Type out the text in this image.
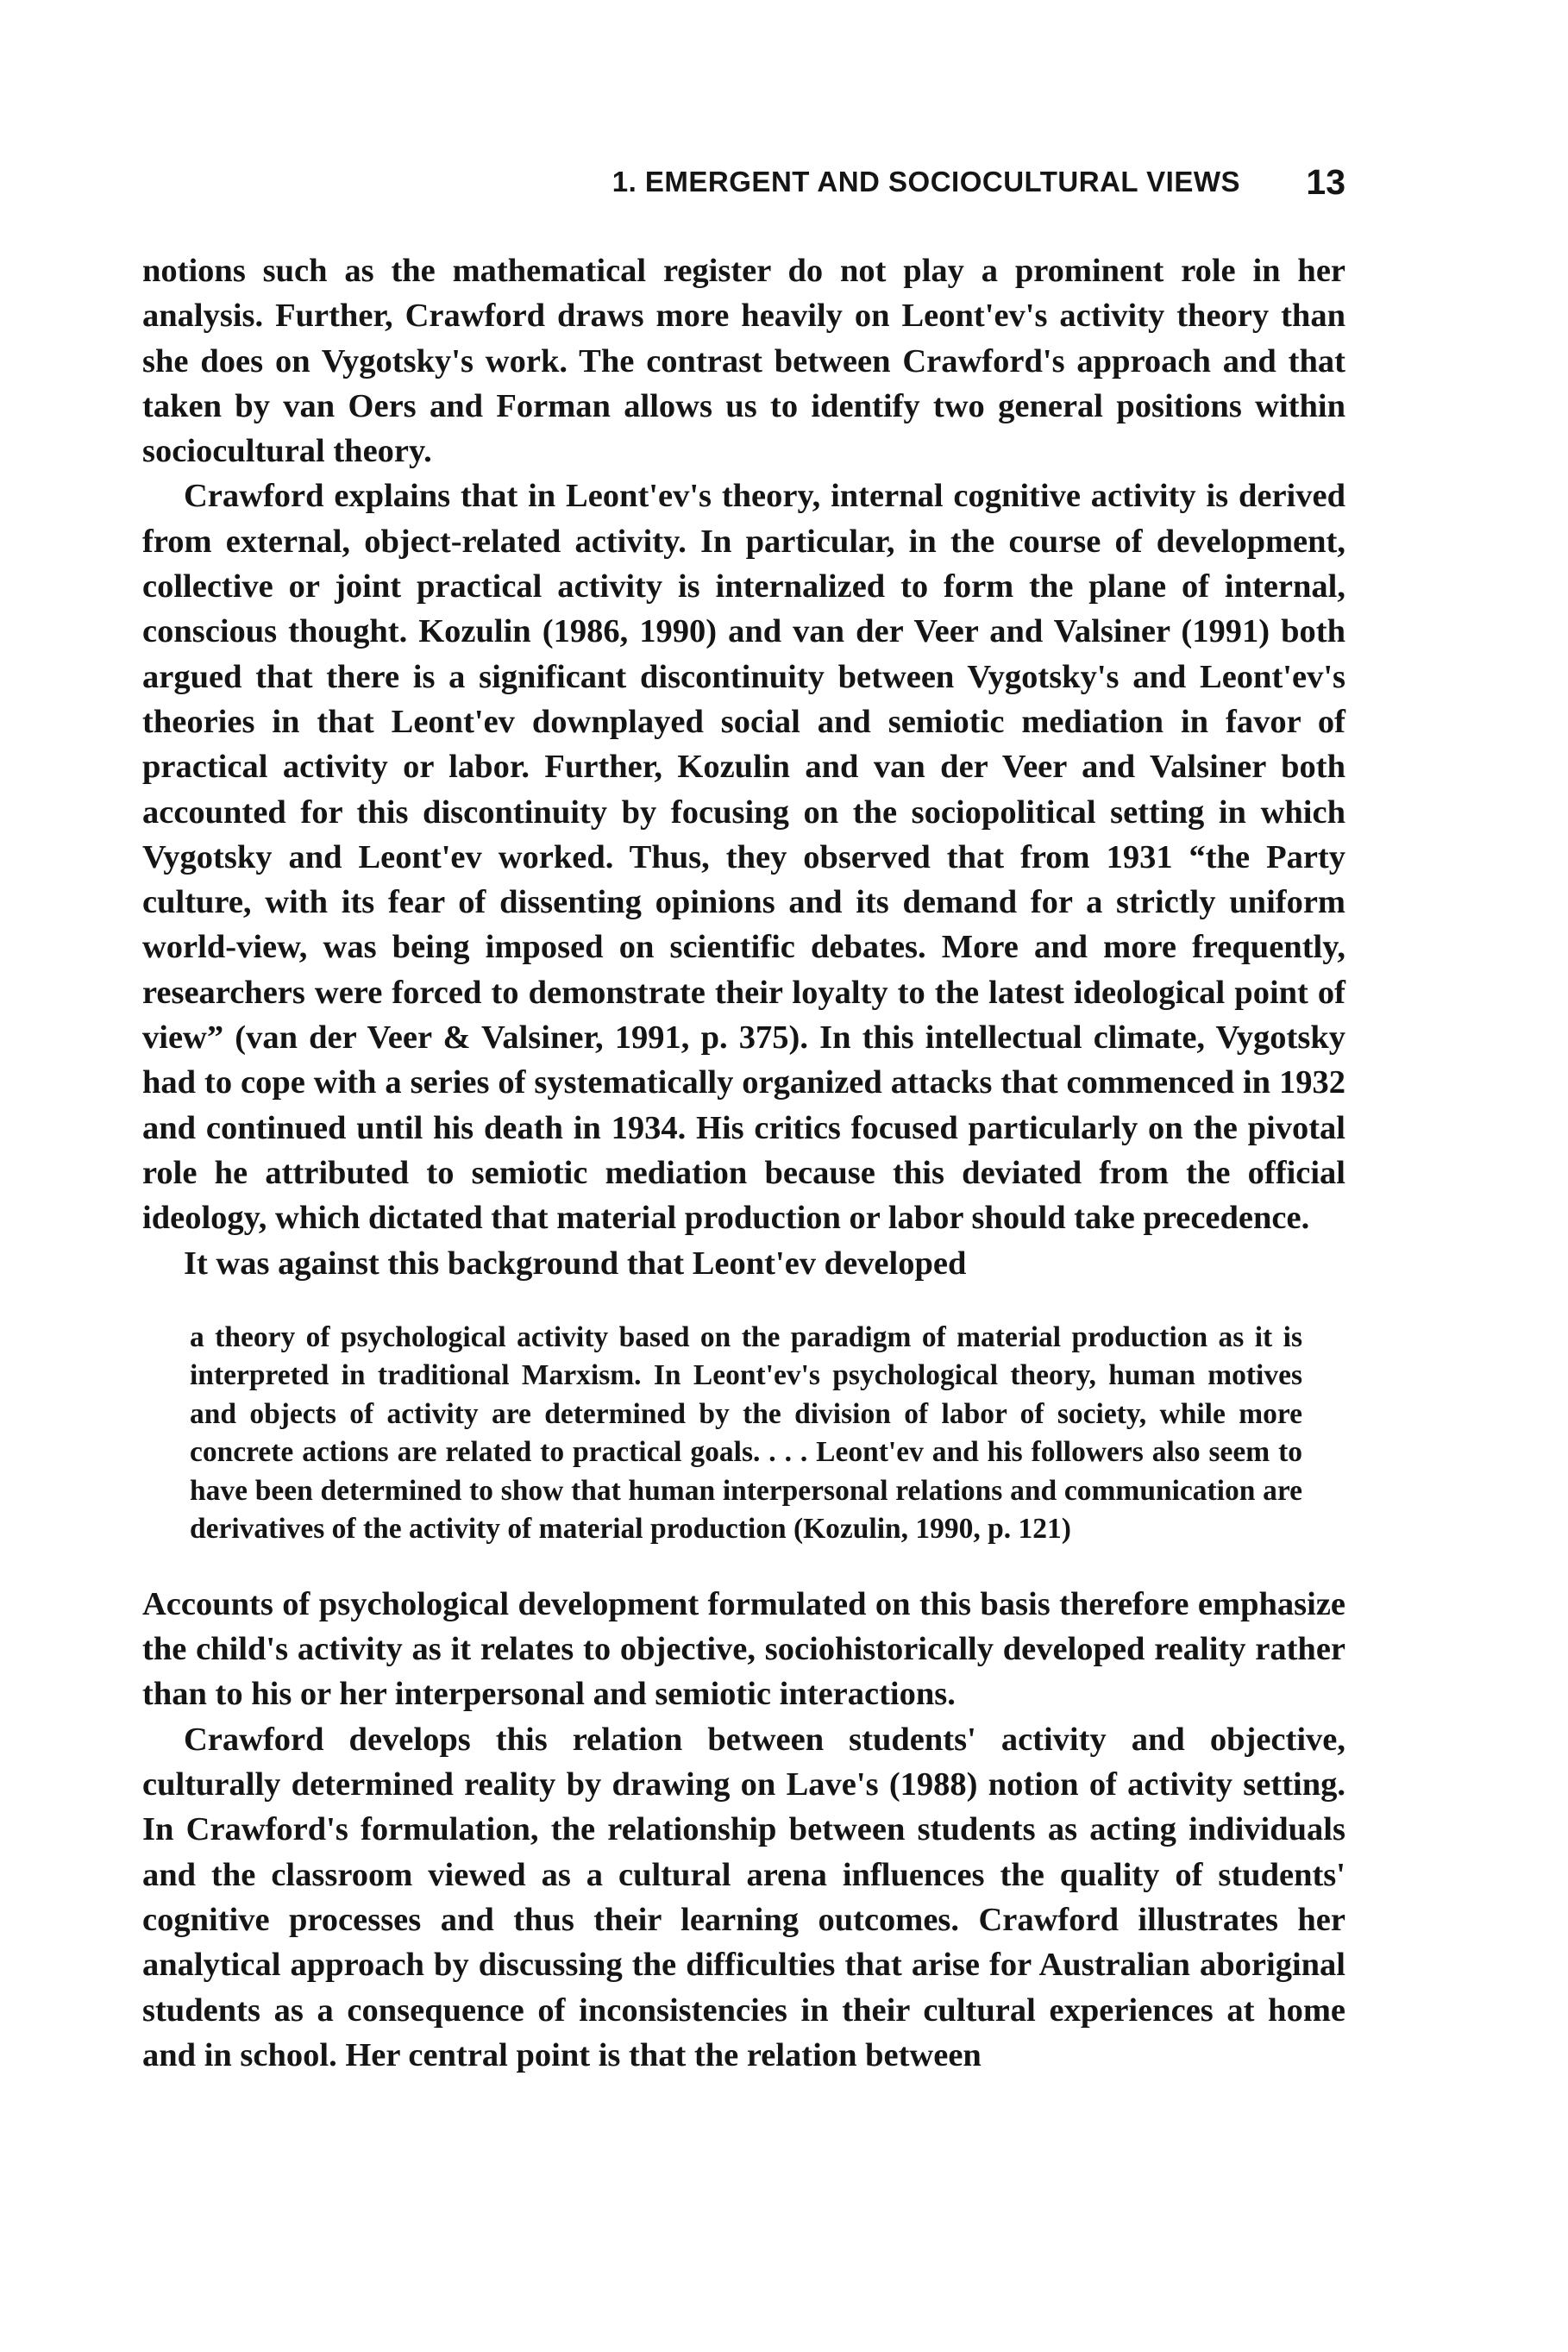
1. EMERGENT AND SOCIOCULTURAL VIEWS 13

notions such as the mathematical register do not play a prominent role in her analysis. Further, Crawford draws more heavily on Leont'ev's activity theory than she does on Vygotsky's work. The contrast between Crawford's approach and that taken by van Oers and Forman allows us to identify two general positions within sociocultural theory.

Crawford explains that in Leont'ev's theory, internal cognitive activity is derived from external, object-related activity. In particular, in the course of development, collective or joint practical activity is internalized to form the plane of internal, conscious thought. Kozulin (1986, 1990) and van der Veer and Valsiner (1991) both argued that there is a significant discontinuity between Vygotsky's and Leont'ev's theories in that Leont'ev downplayed social and semiotic mediation in favor of practical activity or labor. Further, Kozulin and van der Veer and Valsiner both accounted for this discontinuity by focusing on the sociopolitical setting in which Vygotsky and Leont'ev worked. Thus, they observed that from 1931 “the Party culture, with its fear of dissenting opinions and its demand for a strictly uniform world-view, was being imposed on scientific debates. More and more frequently, researchers were forced to demonstrate their loyalty to the latest ideological point of view” (van der Veer & Valsiner, 1991, p. 375). In this intellectual climate, Vygotsky had to cope with a series of systematically organized attacks that commenced in 1932 and continued until his death in 1934. His critics focused particularly on the pivotal role he attributed to semiotic mediation because this deviated from the official ideology, which dictated that material production or labor should take precedence.

It was against this background that Leont'ev developed

a theory of psychological activity based on the paradigm of material production as it is interpreted in traditional Marxism. In Leont'ev's psychological theory, human motives and objects of activity are determined by the division of labor of society, while more concrete actions are related to practical goals. . . . Leont'ev and his followers also seem to have been determined to show that human interpersonal relations and communication are derivatives of the activity of material production (Kozulin, 1990, p. 121)

Accounts of psychological development formulated on this basis therefore emphasize the child's activity as it relates to objective, sociohistorically developed reality rather than to his or her interpersonal and semiotic interactions.

Crawford develops this relation between students' activity and objective, culturally determined reality by drawing on Lave's (1988) notion of activity setting. In Crawford's formulation, the relationship between students as acting individuals and the classroom viewed as a cultural arena influences the quality of students' cognitive processes and thus their learning outcomes. Crawford illustrates her analytical approach by discussing the difficulties that arise for Australian aboriginal students as a consequence of inconsistencies in their cultural experiences at home and in school. Her central point is that the relation between
